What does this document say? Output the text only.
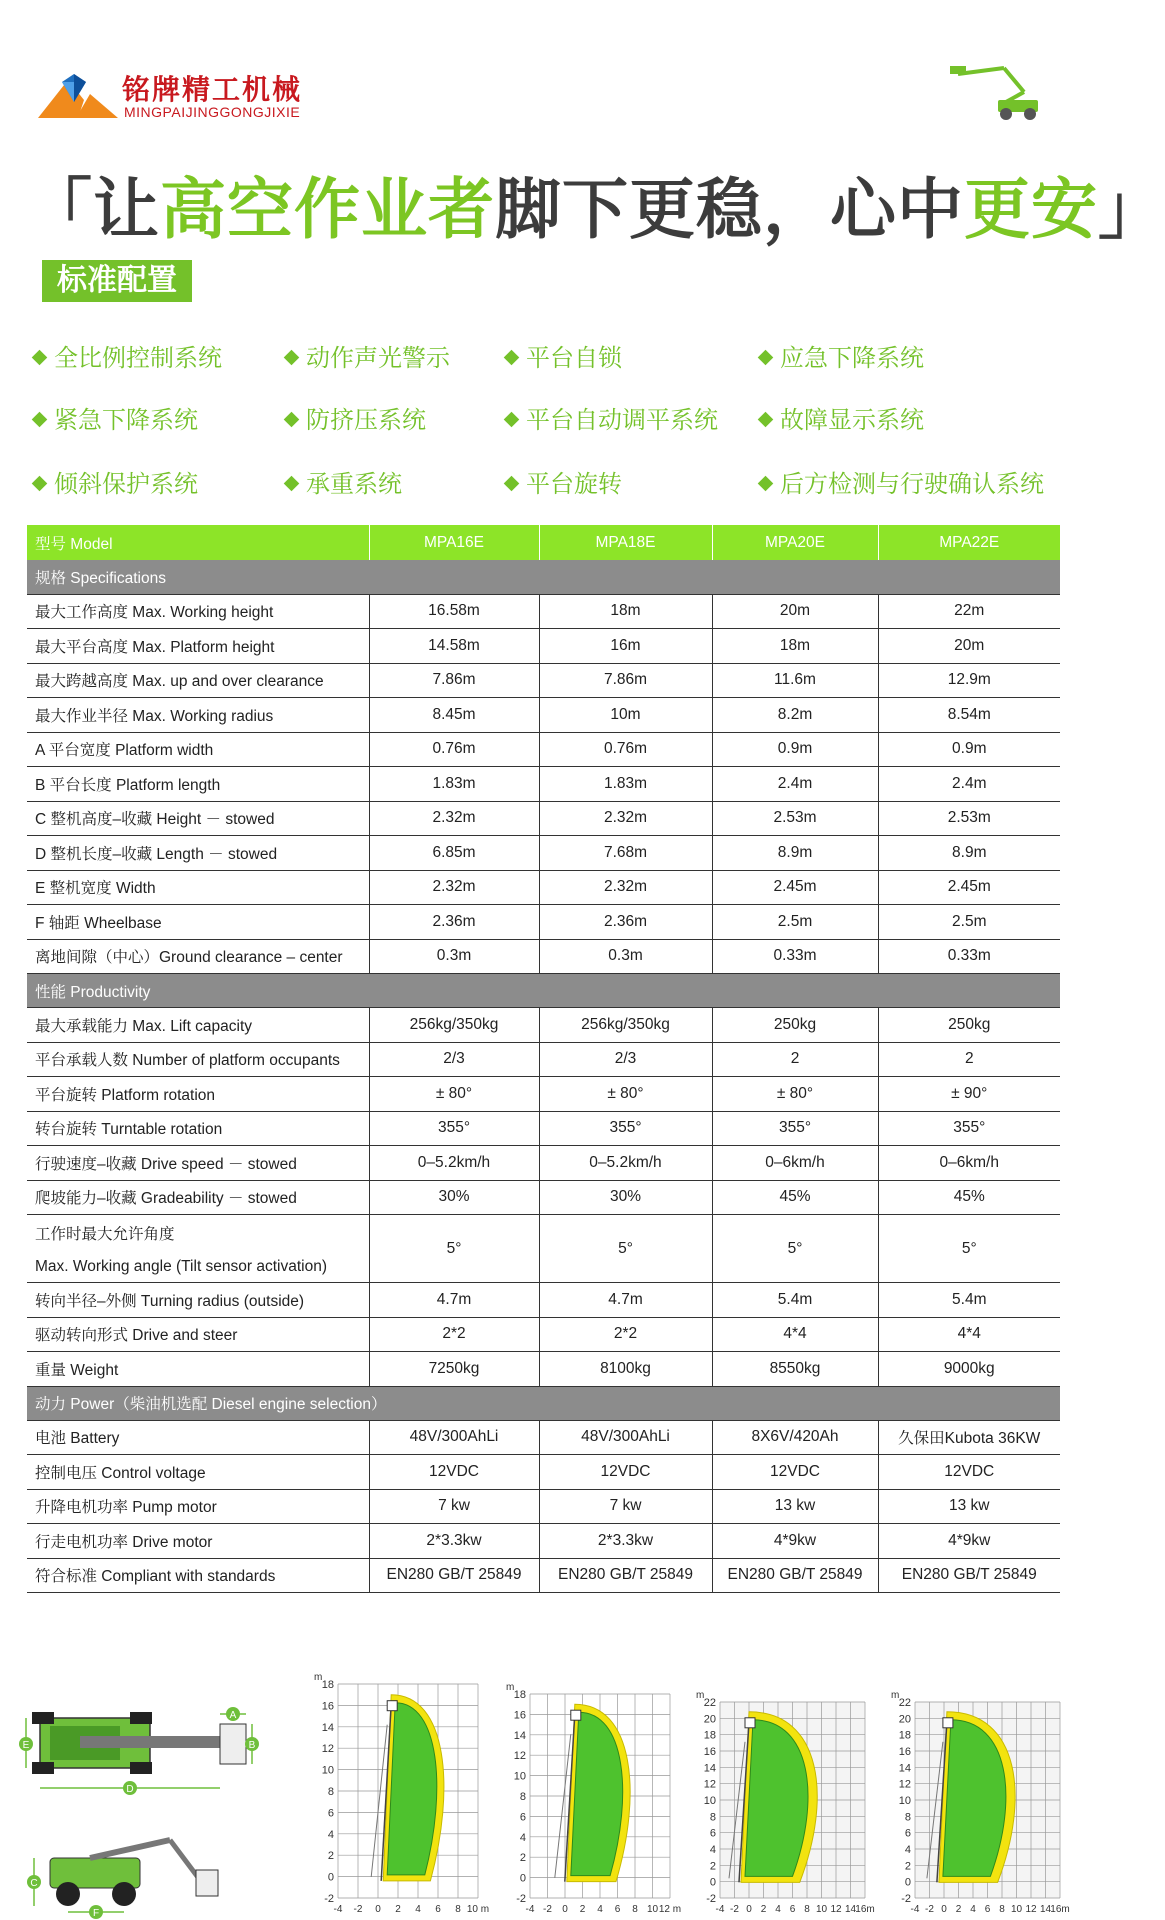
铭牌精工机械
MINGPAIJINGGONGJIXIE
「让高空作业者脚下更稳，心中更安」
标准配置
全比例控制系统	动作声光警示	平台自锁	应急下降系统
紧急下降系统	防挤压系统	平台自动调平系统	故障显示系统
倾斜保护系统	承重系统	平台旋转	后方检测与行驶确认系统
型号 Model	MPA16E	MPA18E	MPA20E	MPA22E
规格 Specifications				
最大工作高度 Max. Working height	16.58m	18m	20m	22m
最大平台高度 Max. Platform height	14.58m	16m	18m	20m
最大跨越高度 Max. up and over clearance	7.86m	7.86m	11.6m	12.9m
最大作业半径 Max. Working radius	8.45m	10m	8.2m	8.54m
A 平台宽度 Platform width	0.76m	0.76m	0.9m	0.9m
B 平台长度 Platform length	1.83m	1.83m	2.4m	2.4m
C 整机高度–收藏 Height － stowed	2.32m	2.32m	2.53m	2.53m
D 整机长度–收藏 Length － stowed	6.85m	7.68m	8.9m	8.9m
E 整机宽度 Width	2.32m	2.32m	2.45m	2.45m
F 轴距 Wheelbase	2.36m	2.36m	2.5m	2.5m
离地间隙（中心）Ground clearance – center	0.3m	0.3m	0.33m	0.33m
性能 Productivity				
最大承载能力 Max. Lift capacity	256kg/350kg	256kg/350kg	250kg	250kg
平台承载人数 Number of platform occupants	2/3	2/3	2	2
平台旋转 Platform rotation	± 80°	± 80°	± 80°	± 90°
转台旋转 Turntable rotation	355°	355°	355°	355°
行驶速度–收藏 Drive speed － stowed	0–5.2km/h	0–5.2km/h	0–6km/h	0–6km/h
爬坡能力–收藏 Gradeability － stowed	30%	30%	45%	45%
工作时最大允许角度
Max. Working angle (Tilt sensor activation)	5°	5°	5°	5°
转向半径–外侧 Turning radius (outside)	4.7m	4.7m	5.4m	5.4m
驱动转向形式 Drive and steer	2*2	2*2	4*4	4*4
重量 Weight	7250kg	8100kg	8550kg	9000kg
动力 Power（柴油机选配 Diesel engine selection）				
电池 Battery	48V/300AhLi	48V/300AhLi	8X6V/420Ah	久保田Kubota 36KW
控制电压 Control voltage	12VDC	12VDC	12VDC	12VDC
升降电机功率 Pump motor	7 kw	7 kw	13 kw	13 kw
行走电机功率 Drive motor	2*3.3kw	2*3.3kw	4*9kw	4*9kw
符合标准 Compliant with standards	EN280 GB/T 25849	EN280 GB/T 25849	EN280 GB/T 25849	EN280 GB/T 25849
B
A
E
D
C
F
18
16
14
12
10
8
6
4
2
0
-2
-4 -2 0 2 4 6 8 10 m
m
18
16
14
12
10
8
6
4
2
0
-2
-4 -2 0 2 4 6 8 10 12 m
m
22
20
18
16
14
12
10
8
6
4
2
0
-2
-4 -2 0 2 4 6 8 10 12 14 16m
m
22
20
18
16
14
12
10
8
6
4
2
0
-2
-4 -2 0 2 4 6 8 10 12 14 16m
m
